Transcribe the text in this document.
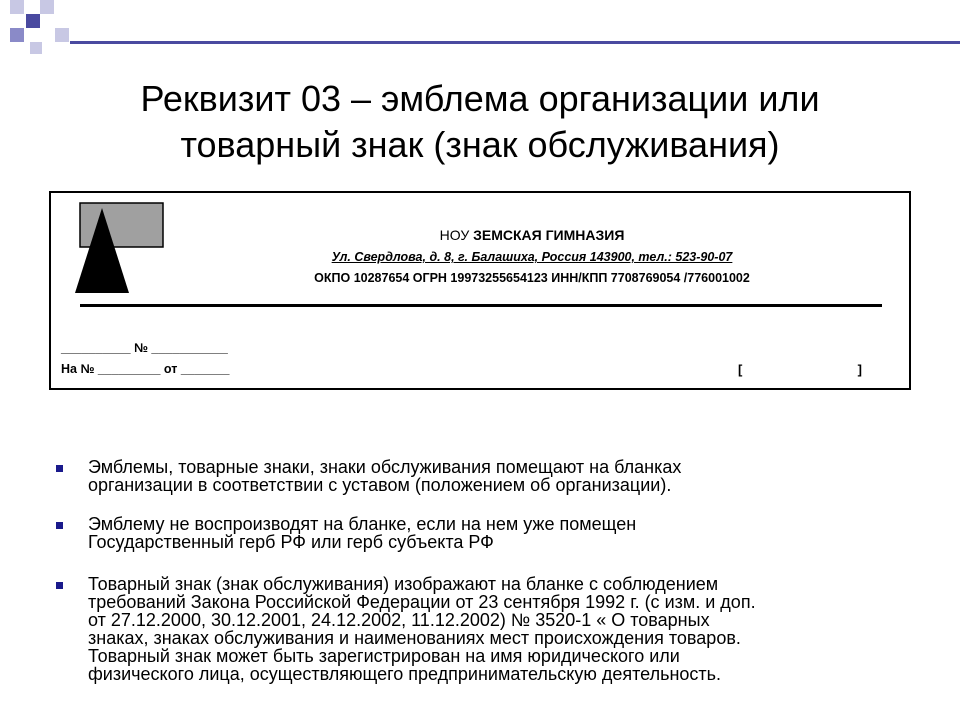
Реквизит 03 – эмблема организации или
товарный знак (знак обслуживания)
НОУ ЗЕМСКАЯ ГИМНАЗИЯ
Ул. Свердлова, д. 8, г. Балашиха, Россия 143900, тел.: 523-90-07
ОКПО 10287654 ОГРН 19973255654123 ИНН/КПП 7708769054 /776001002
__________ № ___________
На № _________ от _______	[	]
Эмблемы, товарные знаки, знаки обслуживания помещают на бланках
организации в соответствии с уставом (положением об организации).
Эмблему не воспроизводят на бланке, если на нем уже помещен
Государственный герб РФ или герб субъекта РФ
Товарный знак (знак обслуживания) изображают на бланке с соблюдением
требований Закона Российской Федерации от 23 сентября 1992 г. (с изм. и доп.
от 27.12.2000, 30.12.2001, 24.12.2002, 11.12.2002) № 3520-1 « О товарных
знаках, знаках обслуживания и наименованиях мест происхождения товаров.
Товарный знак может быть зарегистрирован на имя юридического или
физического лица, осуществляющего предпринимательскую деятельность.
